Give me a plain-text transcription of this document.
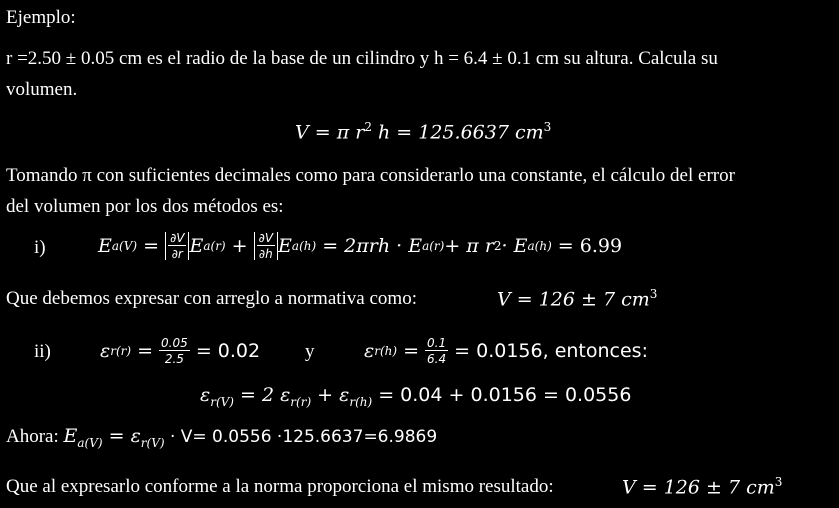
Ejemplo:
r =2.50 ± 0.05 cm es el radio de la base de un cilindro y h = 6.4 ± 0.1 cm su altura. Calcula su
volumen.
V = π $r^2$ h = 125.6637 $cm^3$
Tomando π con suficientes decimales como para considerarlo una constante, el cálculo del error
del volumen por los dos métodos es:
i)	E $a(V) = \frac{\partial V}{\partial r}$ E $a(r) + \frac{\partial V}{\partial h}$ E a(h)
= 2πrh · E a(r) + π r 2 · E a(h)
= 6.99
Que debemos expresar con arreglo a normativa como:	V = 126 ± 7 $cm^3$
ii)	ε $r(r) = \frac{0.05}{2.5}$
= 0.02 y	ε $r(h) = \frac{0.1}{6.4}$
= 0.0156, entonces:
$\varepsilon_{r(V)} = 2$ $\varepsilon_{r(r)} + \varepsilon_{r(h)} = 0.04 + 0.0156 = 0.0556$
Ahora: $E_{a(V)} = \varepsilon_{r(V)} \cdot V= 0.0556 \cdot 125.6637=6.9869$
Que al expresarlo conforme a la norma proporciona el mismo resultado:	V = 126 ± 7 $cm^3$
